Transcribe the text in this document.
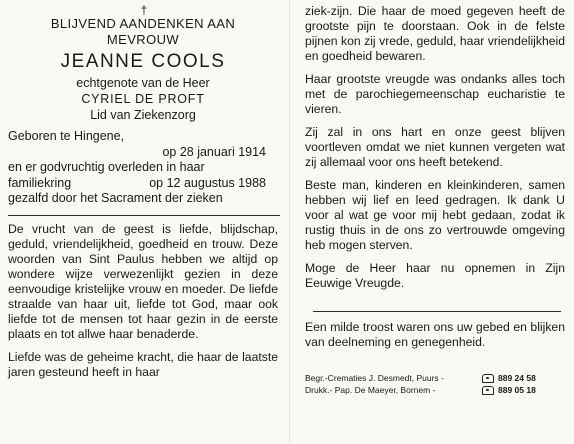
†
BLIJVEND AANDENKEN AAN
MEVROUW
JEANNE COOLS
echtgenote van de Heer
CYRIEL DE PROFT
Lid van Ziekenzorg
Geboren te Hingene,
op 28 januari 1914
en er godvruchtig overleden in haar
familiekring	op 12 augustus 1988
gezalfd door het Sacrament der zieken

De vrucht van de geest is liefde, blijdschap, geduld, vriendelijkheid, goedheid en trouw. Deze woorden van Sint Paulus hebben we altijd op wondere wijze verwezenlijkt gezien in deze eenvoudige kristelijke vrouw en moeder. De liefde straalde van haar uit, liefde tot God, maar ook liefde tot de mensen tot haar gezin in de eerste plaats en tot allwe haar benaderde.

Liefde was de geheime kracht, die haar de laatste jaren gesteund heeft in haar

ziek-zijn. Die haar de moed gegeven heeft de grootste pijn te doorstaan. Ook in de felste pijnen kon zij vrede, geduld, haar vriendelijkheid en goedheid bewaren.

Haar grootste vreugde was ondanks alles toch met de parochiegemeenschap eucharistie te vieren.

Zij zal in ons hart en onze geest blijven voortleven omdat we niet kunnen vergeten wat zij allemaal voor ons heeft betekend.

Beste man, kinderen en kleinkinderen, samen hebben wij lief en leed gedragen. Ik dank U voor al wat ge voor mij hebt gedaan, zodat ik rustig thuis in de ons zo vertrouwde omgeving heb mogen sterven.

Moge de Heer haar nu opnemen in Zijn Eeuwige Vreugde.

Een milde troost waren ons uw gebed en blijken van deelneming en genegenheid.

Begr.-Crematies J. Desmedt, Puurs -	889 24 58
Drukk.- Pap. De Maeyer, Bornem -	889 05 18
